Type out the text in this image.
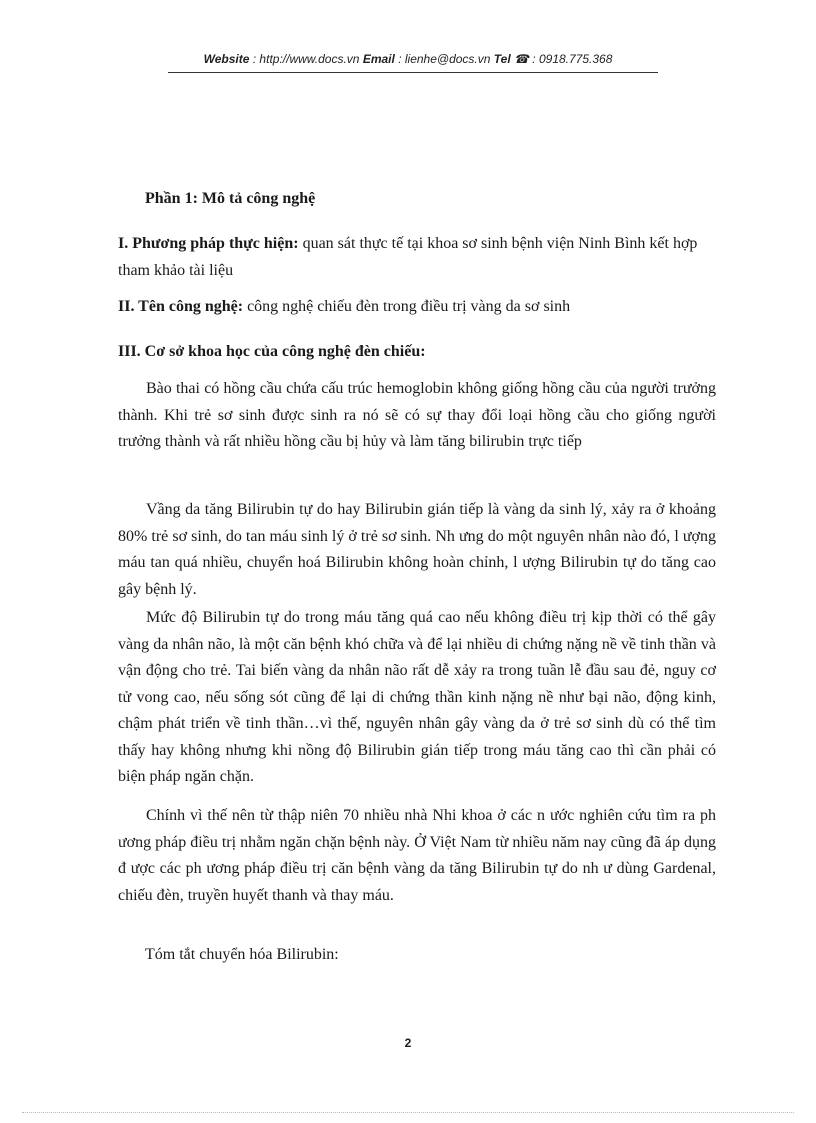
Website : http://www.docs.vn Email : lienhe@docs.vn Tel ☎ : 0918.775.368
Phần 1: Mô tả công nghệ

I. Phương pháp thực hiện: quan sát thực tế tại khoa sơ sinh bệnh viện Ninh Bình kết hợp tham khảo tài liệu

II. Tên công nghệ: công nghệ chiếu đèn trong điều trị vàng da sơ sinh

III. Cơ sở khoa học của công nghệ đèn chiếu:
Bào thai có hồng cầu chứa cấu trúc hemoglobin không giống hồng cầu của người trưởng thành. Khi trẻ sơ sinh được sinh ra nó sẽ có sự thay đổi loại hồng cầu cho giống người trưởng thành và rất nhiều hồng cầu bị hủy và làm tăng bilirubin trực tiếp
Vầng da tăng Bilirubin tự do hay Bilirubin gián tiếp là vàng da sinh lý, xảy ra ở khoảng 80% trẻ sơ sinh, do tan máu sinh lý ở trẻ sơ sinh. Nh ưng do một nguyên nhân nào đó, l ượng máu tan quá nhiều, chuyển hoá Bilirubin không hoàn chỉnh, l ượng Bilirubin tự do tăng cao gây bệnh lý.
Mức độ Bilirubin tự do trong máu tăng quá cao nếu không điều trị kịp thời có thể gây vàng da nhân não, là một căn bệnh khó chữa và để lại nhiều di chứng nặng nề về tinh thần và vận động cho trẻ. Tai biến vàng da nhân não rất dễ xảy ra trong tuần lễ đầu sau đẻ, nguy cơ tử vong cao, nếu sống sót cũng để lại di chứng thần kinh nặng nề như bại não, động kinh, chậm phát triển về tinh thần…vì thế, nguyên nhân gây vàng da ở trẻ sơ sinh dù có thể tìm thấy hay không nhưng khi nồng độ Bilirubin gián tiếp trong máu tăng cao thì cần phải có biện pháp ngăn chặn.
Chính vì thế nên từ thập niên 70 nhiều nhà Nhi khoa ở các n ước nghiên cứu tìm ra ph ương pháp điều trị nhằm ngăn chặn bệnh này. Ở Việt Nam từ nhiều năm nay cũng đã áp dụng đ ược các ph ương pháp điều trị căn bệnh vàng da tăng Bilirubin tự do nh ư dùng Gardenal, chiếu đèn, truyền huyết thanh và thay máu.
Tóm tắt chuyển hóa Bilirubin:
2
